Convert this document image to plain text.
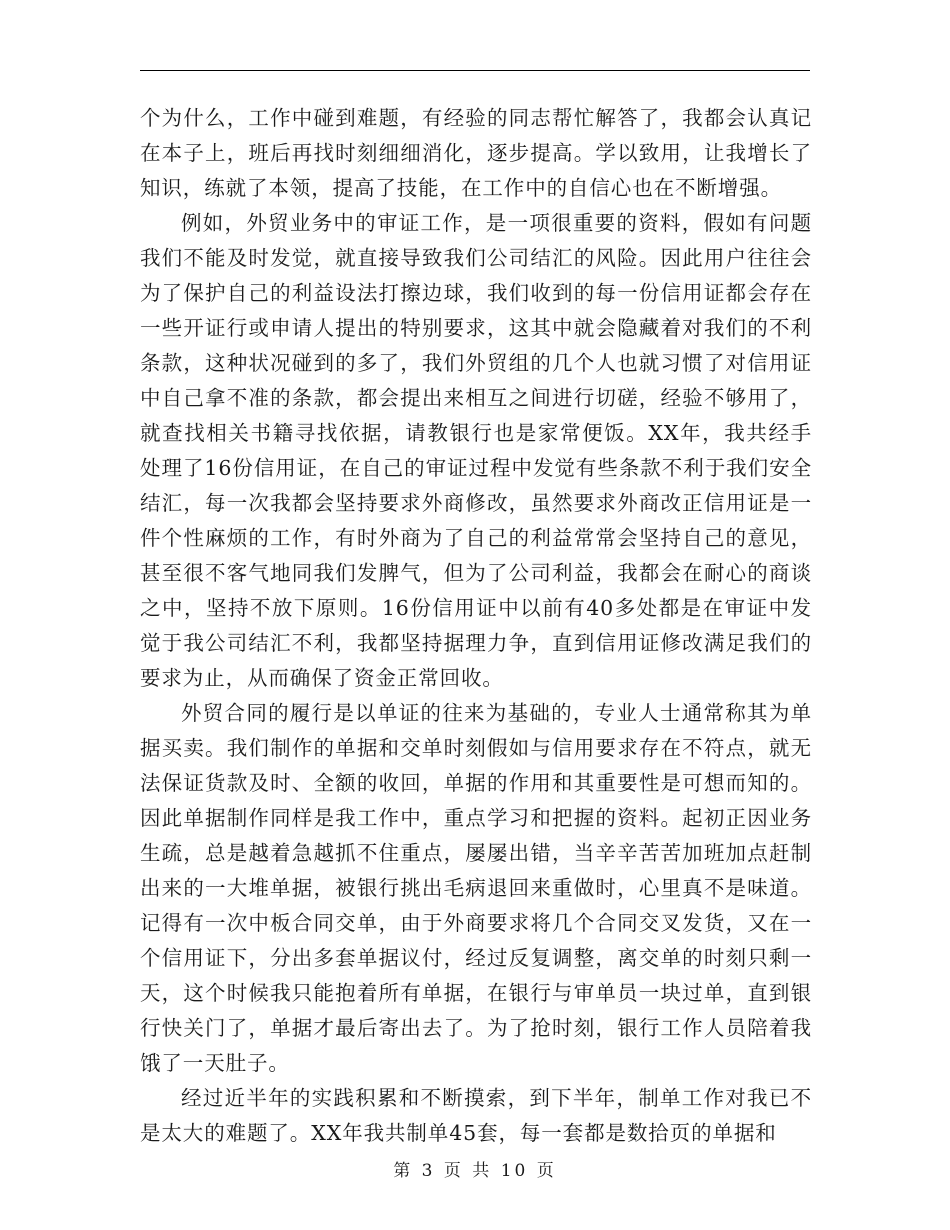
个为什么，工作中碰到难题，有经验的同志帮忙解答了，我都会认真记在本子上，班后再找时刻细细消化，逐步提高。学以致用，让我增长了知识，练就了本领，提高了技能，在工作中的自信心也在不断增强。

例如，外贸业务中的审证工作，是一项很重要的资料，假如有问题我们不能及时发觉，就直接导致我们公司结汇的风险。因此用户往往会为了保护自己的利益设法打擦边球，我们收到的每一份信用证都会存在一些开证行或申请人提出的特别要求，这其中就会隐藏着对我们的不利条款，这种状况碰到的多了，我们外贸组的几个人也就习惯了对信用证中自己拿不准的条款，都会提出来相互之间进行切磋，经验不够用了，就查找相关书籍寻找依据，请教银行也是家常便饭。XX年，我共经手处理了16份信用证，在自己的审证过程中发觉有些条款不利于我们安全结汇，每一次我都会坚持要求外商修改，虽然要求外商改正信用证是一件个性麻烦的工作，有时外商为了自己的利益常常会坚持自己的意见，甚至很不客气地同我们发脾气，但为了公司利益，我都会在耐心的商谈之中，坚持不放下原则。16份信用证中以前有40多处都是在审证中发觉于我公司结汇不利，我都坚持据理力争，直到信用证修改满足我们的要求为止，从而确保了资金正常回收。

外贸合同的履行是以单证的往来为基础的，专业人士通常称其为单据买卖。我们制作的单据和交单时刻假如与信用要求存在不符点，就无法保证货款及时、全额的收回，单据的作用和其重要性是可想而知的。因此单据制作同样是我工作中，重点学习和把握的资料。起初正因业务生疏，总是越着急越抓不住重点，屡屡出错，当辛辛苦苦加班加点赶制出来的一大堆单据，被银行挑出毛病退回来重做时，心里真不是味道。记得有一次中板合同交单，由于外商要求将几个合同交叉发货，又在一个信用证下，分出多套单据议付，经过反复调整，离交单的时刻只剩一天，这个时候我只能抱着所有单据，在银行与审单员一块过单，直到银行快关门了，单据才最后寄出去了。为了抢时刻，银行工作人员陪着我饿了一天肚子。

经过近半年的实践积累和不断摸索，到下半年，制单工作对我已不是太大的难题了。XX年我共制单45套，每一套都是数拾页的单据和

第 3 页 共 10 页
